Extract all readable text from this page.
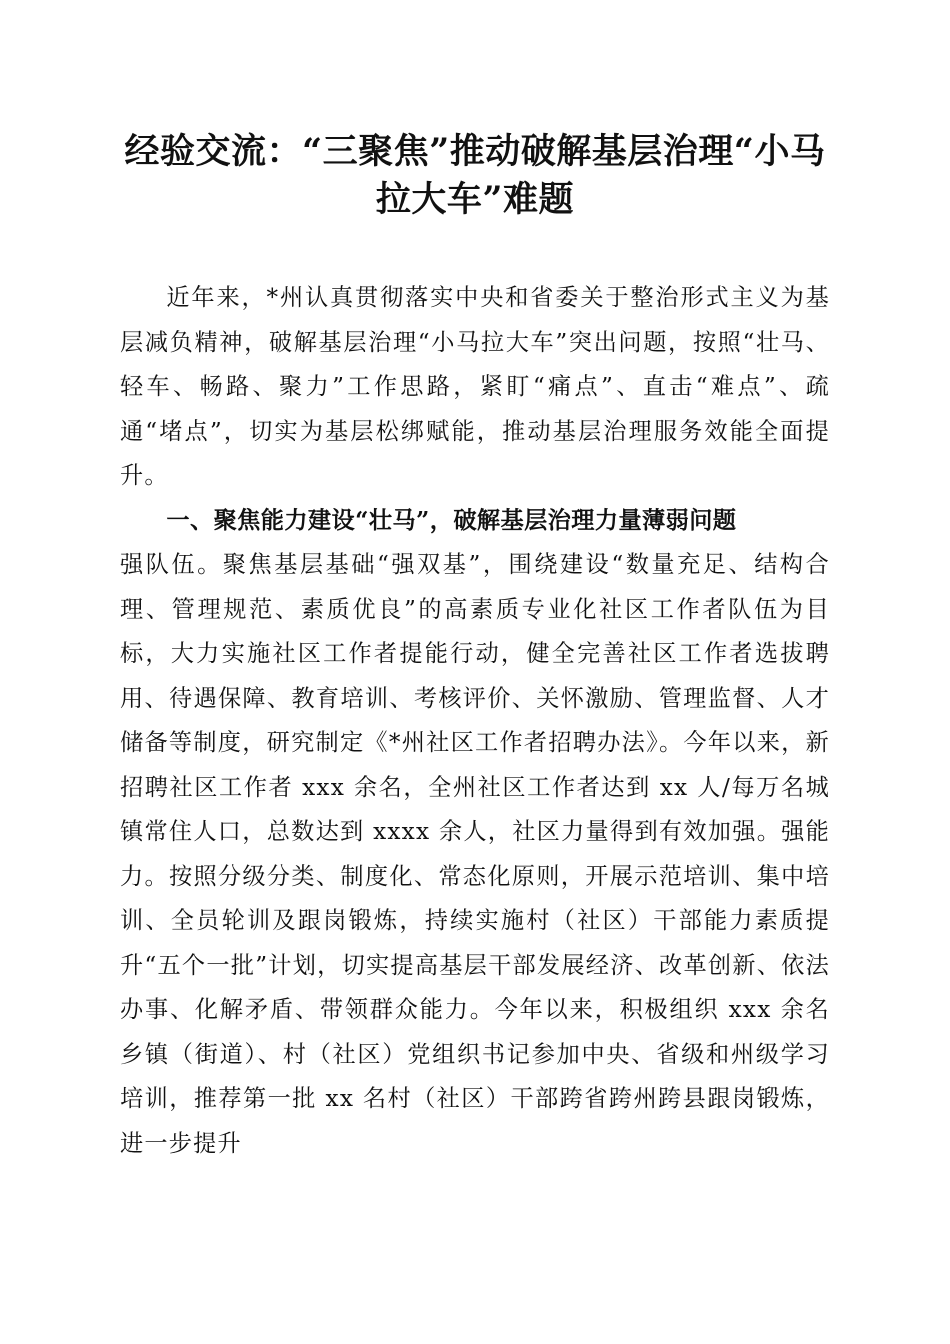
经验交流：“三聚焦”推动破解基层治理“小马拉大车”难题

近年来，*州认真贯彻落实中央和省委关于整治形式主义为基层减负精神，破解基层治理“小马拉大车”突出问题，按照“壮马、轻车、畅路、聚力”工作思路，紧盯“痛点”、直击“难点”、疏通“堵点”，切实为基层松绑赋能，推动基层治理服务效能全面提升。

一、聚焦能力建设“壮马”，破解基层治理力量薄弱问题

强队伍。聚焦基层基础“强双基”，围绕建设“数量充足、结构合理、管理规范、素质优良”的高素质专业化社区工作者队伍为目标，大力实施社区工作者提能行动，健全完善社区工作者选拔聘用、待遇保障、教育培训、考核评价、关怀激励、管理监督、人才储备等制度，研究制定《*州社区工作者招聘办法》。今年以来，新招聘社区工作者 xxx 余名，全州社区工作者达到 xx 人/每万名城镇常住人口，总数达到 xxxx 余人，社区力量得到有效加强。强能力。按照分级分类、制度化、常态化原则，开展示范培训、集中培训、全员轮训及跟岗锻炼，持续实施村（社区）干部能力素质提升“五个一批”计划，切实提高基层干部发展经济、改革创新、依法办事、化解矛盾、带领群众能力。今年以来，积极组织 xxx 余名乡镇（街道）、村（社区）党组织书记参加中央、省级和州级学习培训，推荐第一批 xx 名村（社区）干部跨省跨州跨县跟岗锻炼，进一步提升
